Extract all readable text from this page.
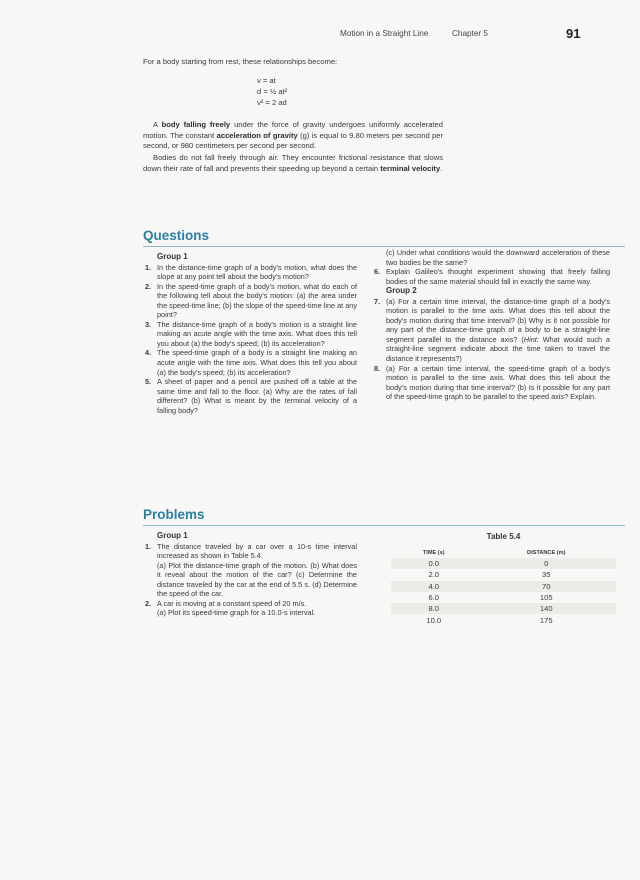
Motion in a Straight Line	Chapter 5	91

For a body starting from rest, these relationships become:

v = at
d = ½ at²
v² = 2 ad

A body falling freely under the force of gravity undergoes uniformly accelerated motion. The constant acceleration of gravity (g) is equal to 9.80 meters per second per second, or 980 centimeters per second per second.

Bodies do not fall freely through air. They encounter frictional resistance that slows down their rate of fall and prevents their speeding up beyond a certain terminal velocity.

Questions
Group 1
1. In the distance-time graph of a body's motion, what does the slope at any point tell about the body's motion?

2. In the speed-time graph of a body's motion, what do each of the following tell about the body's motion: (a) the area under the speed-time line; (b) the slope of the speed-time line at any point?

3. The distance-time graph of a body's motion is a straight line making an acute angle with the time axis. What does this tell you about (a) the body's speed; (b) its acceleration?

4. The speed-time graph of a body is a straight line making an acute angle with the time axis. What does this tell you about (a) the body's speed; (b) its acceleration?

5. A sheet of paper and a pencil are pushed off a table at the same time and fall to the floor. (a) Why are the rates of fall different? (b) What is meant by the terminal velocity of a falling body?

(c) Under what conditions would the downward acceleration of these two bodies be the same?

6. Explain Galileo's thought experiment showing that freely falling bodies of the same material should fall in exactly the same way.

Group 2
7. (a) For a certain time interval, the distance-time graph of a body's motion is parallel to the time axis. What does this tell about the body's motion during that time interval? (b) Why is it not possible for any part of the distance-time graph of a body to be a straight-line segment parallel to the distance axis? (Hint: What would such a straight-line segment indicate about the time taken to travel the distance it represents?)

8. (a) For a certain time interval, the speed-time graph of a body's motion is parallel to the time axis. What does this tell about the body's motion during that time interval? (b) Is it possible for any part of the speed-time graph to be parallel to the speed axis? Explain.

Problems
Group 1
1. The distance traveled by a car over a 10-s time interval increased as shown in Table 5.4.

(a) Plot the distance-time graph of the motion. (b) What does it reveal about the motion of the car? (c) Determine the distance traveled by the car at the end of 5.5 s. (d) Determine the speed of the car.

2. A car is moving at a constant speed of 20 m/s.

(a) Plot its speed-time graph for a 10.0-s interval.

Table 5.4
TIME (s)	DISTANCE (m)
0.0	0
2.0	35
4.0	70
6.0	105
8.0	140
10.0	175
